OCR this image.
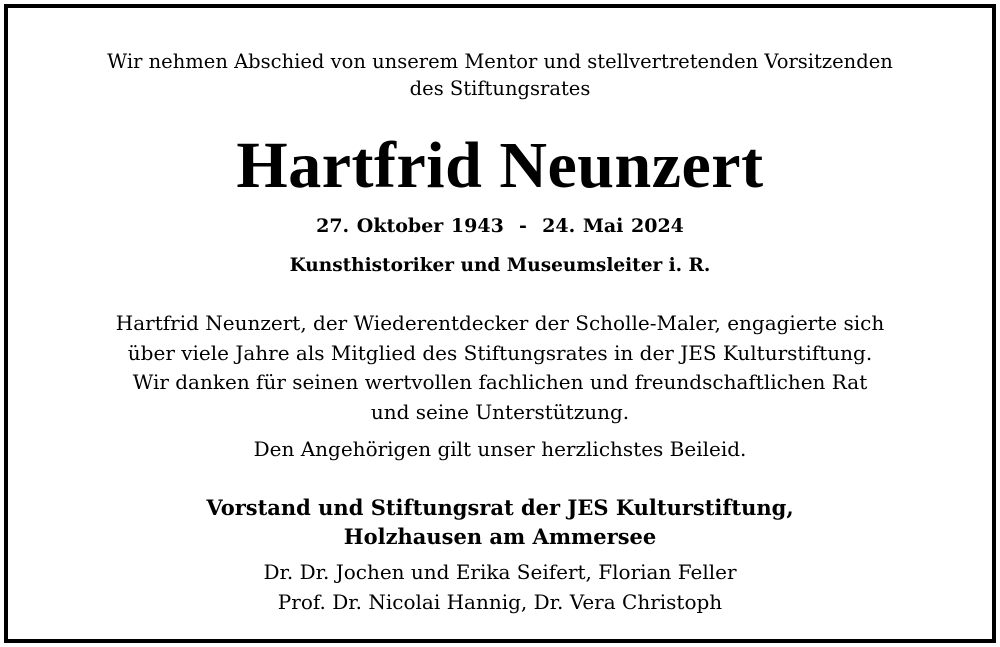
Wir nehmen Abschied von unserem Mentor und stellvertretenden Vorsitzenden
des Stiftungsrates
Hartfrid Neunzert
27. Oktober 1943  -  24. Mai 2024
Kunsthistoriker und Museumsleiter i. R.
Hartfrid Neunzert, der Wiederentdecker der Scholle-Maler, engagierte sich
über viele Jahre als Mitglied des Stiftungsrates in der JES Kulturstiftung.
Wir danken für seinen wertvollen fachlichen und freundschaftlichen Rat
und seine Unterstützung.
Den Angehörigen gilt unser herzlichstes Beileid.
Vorstand und Stiftungsrat der JES Kulturstiftung,
Holzhausen am Ammersee
Dr. Dr. Jochen und Erika Seifert, Florian Feller
Prof. Dr. Nicolai Hannig, Dr. Vera Christoph
